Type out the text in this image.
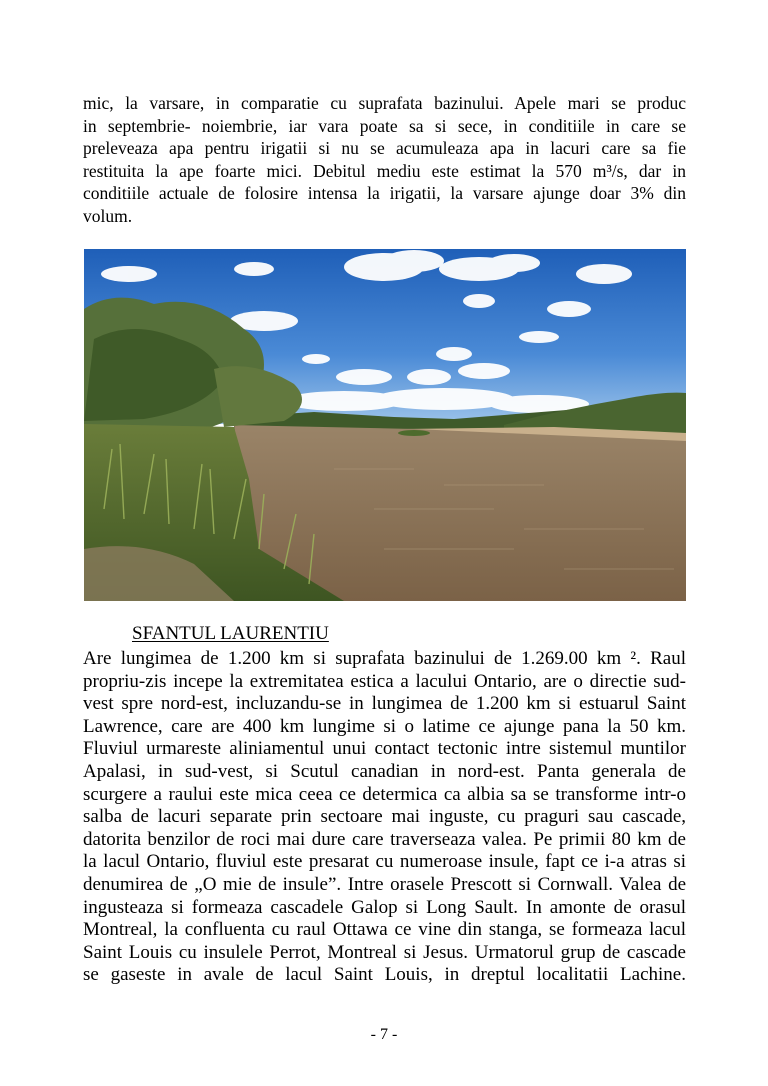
mic, la varsare, in comparatie cu suprafata bazinului. Apele mari se produc
in septembrie- noiembrie, iar vara poate sa si sece, in conditiile in care se
preleveaza apa pentru irigatii si nu se acumuleaza apa in lacuri care sa fie
restituita la ape foarte mici. Debitul mediu este estimat la 570 m³/s, dar in
conditiile actuale de folosire intensa la irigatii, la varsare ajunge doar 3% din
volum.
SFANTUL LAURENTIU
Are lungimea de 1.200 km si suprafata bazinului de 1.269.00 km ². Raul
propriu-zis incepe la extremitatea estica a lacului Ontario, are o directie sud-
vest spre nord-est, incluzandu-se in lungimea de 1.200 km si estuarul Saint
Lawrence, care are 400 km lungime si o latime ce ajunge pana la 50 km.
Fluviul urmareste aliniamentul unui contact tectonic intre sistemul muntilor
Apalasi, in sud-vest, si Scutul canadian in nord-est. Panta generala de
scurgere a raului este mica ceea ce determica ca albia sa se transforme intr-o
salba de lacuri separate prin sectoare mai inguste, cu praguri sau cascade,
datorita benzilor de roci mai dure care traverseaza valea. Pe primii 80 km de
la lacul Ontario, fluviul este presarat cu numeroase insule, fapt ce i-a atras si
denumirea de „O mie de insule”. Intre orasele Prescott si Cornwall. Valea de
ingusteaza si formeaza cascadele Galop si Long Sault. In amonte de orasul
Montreal, la confluenta cu raul Ottawa ce vine din stanga, se formeaza lacul
Saint Louis cu insulele Perrot, Montreal si Jesus. Urmatorul grup de cascade
se gaseste in avale de lacul Saint Louis, in dreptul localitatii Lachine.
- 7 -
